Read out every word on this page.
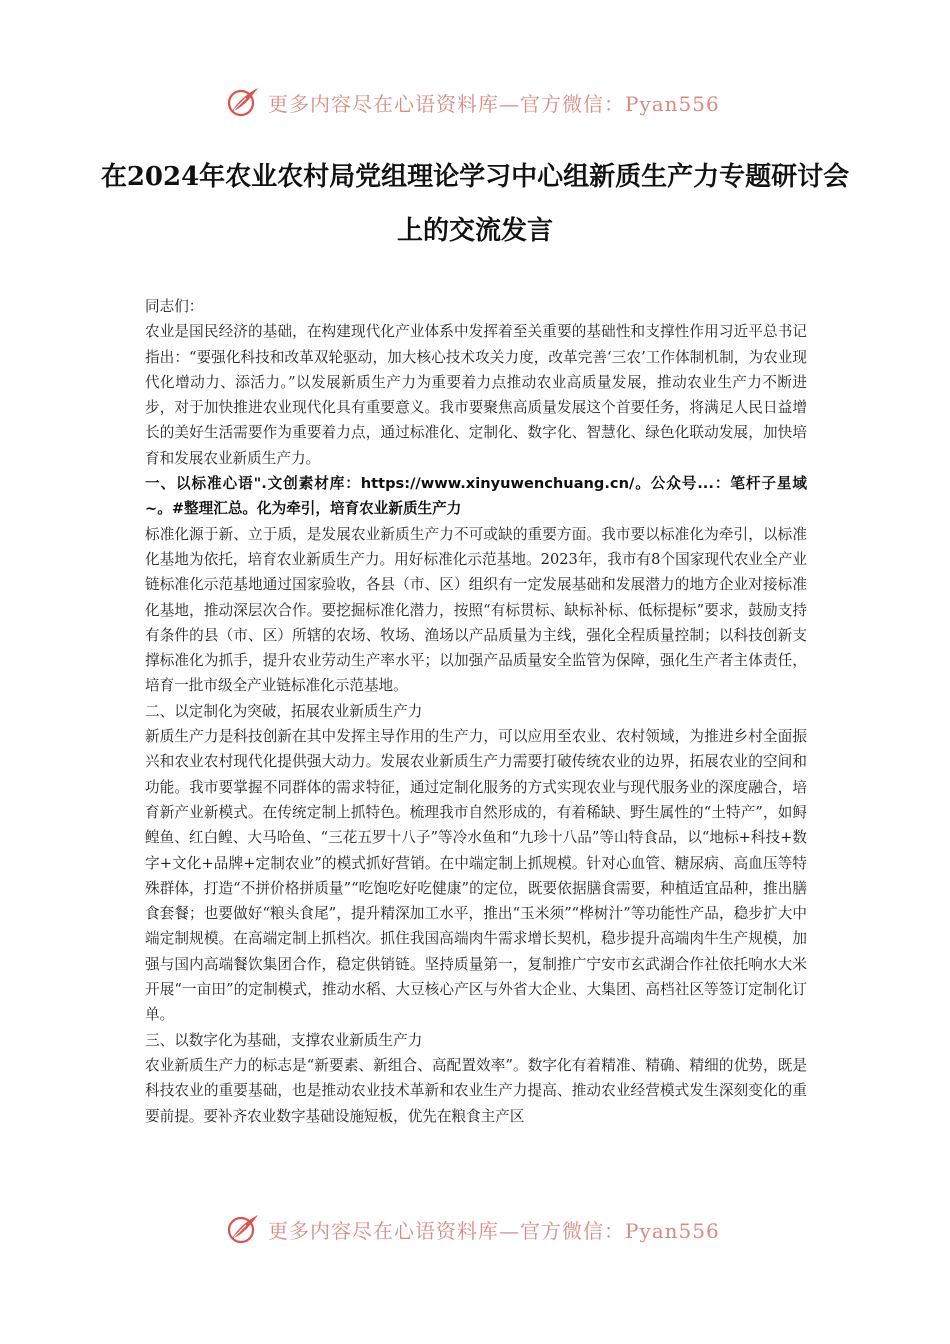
更多内容尽在心语资料库—官方微信：Pyan556
在2024年农业农村局党组理论学习中心组新质生产力专题研讨会上的交流发言

同志们：

农业是国民经济的基础，在构建现代化产业体系中发挥着至关重要的基础性和支撑性作用习近平总书记指出：“要强化科技和改革双轮驱动，加大核心技术攻关力度，改革完善‘三农’工作体制机制，为农业现代化增动力、添活力。”以发展新质生产力为重要着力点推动农业高质量发展，推动农业生产力不断进步，对于加快推进农业现代化具有重要意义。我市要聚焦高质量发展这个首要任务，将满足人民日益增长的美好生活需要作为重要着力点，通过标准化、定制化、数字化、智慧化、绿色化联动发展，加快培育和发展农业新质生产力。

一、以标准心语".文创素材库：https://www.xinyuwenchuang.cn/。公众号...：笔杆子星域~。#整理汇总。化为牵引，培育农业新质生产力

标准化源于新、立于质，是发展农业新质生产力不可或缺的重要方面。我市要以标准化为牵引，以标准化基地为依托，培育农业新质生产力。用好标准化示范基地。2023年，我市有8个国家现代农业全产业链标准化示范基地通过国家验收，各县（市、区）组织有一定发展基础和发展潜力的地方企业对接标准化基地，推动深层次合作。要挖掘标准化潜力，按照“有标贯标、缺标补标、低标提标”要求，鼓励支持有条件的县（市、区）所辖的农场、牧场、渔场以产品质量为主线，强化全程质量控制；以科技创新支撑标准化为抓手，提升农业劳动生产率水平；以加强产品质量安全监管为保障，强化生产者主体责任，培育一批市级全产业链标准化示范基地。

二、以定制化为突破，拓展农业新质生产力

新质生产力是科技创新在其中发挥主导作用的生产力，可以应用至农业、农村领域，为推进乡村全面振兴和农业农村现代化提供强大动力。发展农业新质生产力需要打破传统农业的边界，拓展农业的空间和功能。我市要掌握不同群体的需求特征，通过定制化服务的方式实现农业与现代服务业的深度融合，培育新产业新模式。在传统定制上抓特色。梳理我市自然形成的，有着稀缺、野生属性的“土特产”，如鲟鳇鱼、红白鳇、大马哈鱼、“三花五罗十八子”等冷水鱼和“九珍十八品”等山特食品，以“地标+科技+数字+文化+品牌+定制农业”的模式抓好营销。在中端定制上抓规模。针对心血管、糖尿病、高血压等特殊群体，打造“不拼价格拼质量”“吃饱吃好吃健康”的定位，既要依据膳食需要，种植适宜品种，推出膳食套餐；也要做好“粮头食尾”，提升精深加工水平，推出“玉米须”“桦树汁”等功能性产品，稳步扩大中端定制规模。在高端定制上抓档次。抓住我国高端肉牛需求增长契机，稳步提升高端肉牛生产规模，加强与国内高端餐饮集团合作，稳定供销链。坚持质量第一，复制推广宁安市玄武湖合作社依托响水大米开展“一亩田”的定制模式，推动水稻、大豆核心产区与外省大企业、大集团、高档社区等签订定制化订单。

三、以数字化为基础，支撑农业新质生产力

农业新质生产力的标志是“新要素、新组合、高配置效率”。数字化有着精准、精确、精细的优势，既是科技农业的重要基础，也是推动农业技术革新和农业生产力提高、推动农业经营模式发生深刻变化的重要前提。要补齐农业数字基础设施短板，优先在粮食主产区

更多内容尽在心语资料库—官方微信：Pyan556
